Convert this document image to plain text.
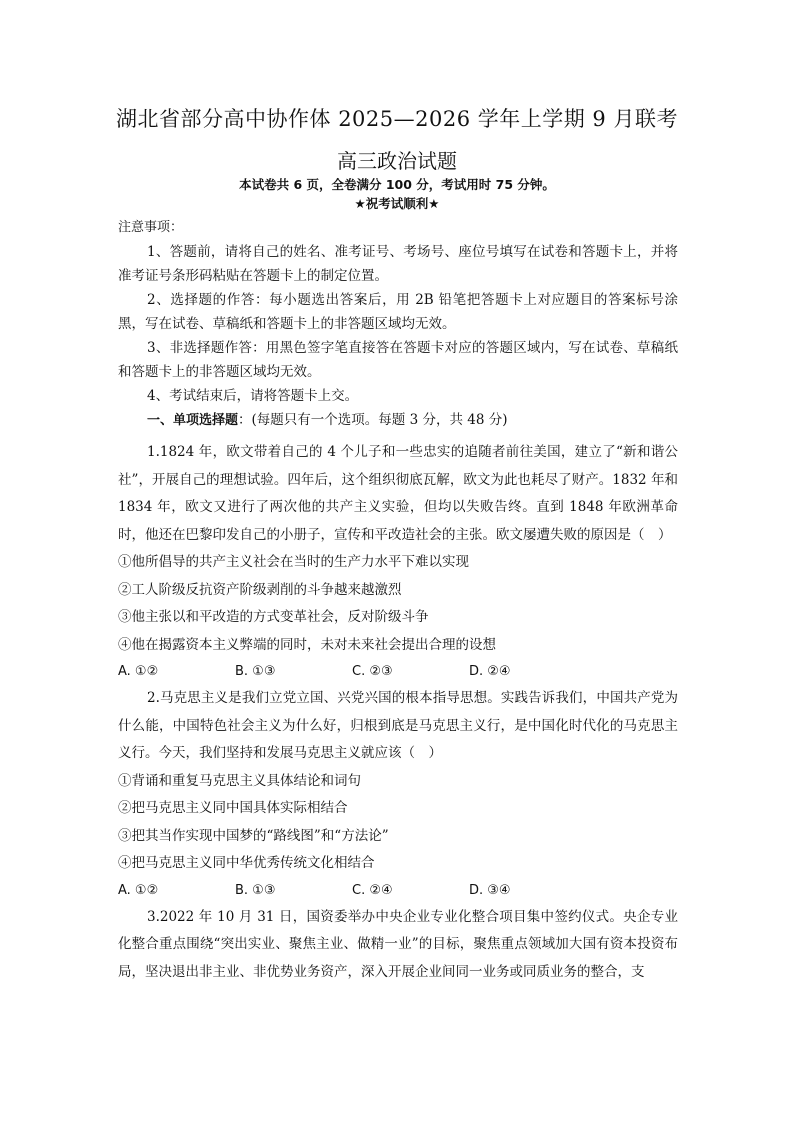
湖北省部分高中协作体 2025—2026 学年上学期 9 月联考
高三政治试题
本试卷共 6 页，全卷满分 100 分，考试用时 75 分钟。
★祝考试顺利★
注意事项：

1、答题前，请将自己的姓名、准考证号、考场号、座位号填写在试卷和答题卡上，并将准考证号条形码粘贴在答题卡上的制定位置。

2、选择题的作答：每小题选出答案后，用 2B 铅笔把答题卡上对应题目的答案标号涂黑，写在试卷、草稿纸和答题卡上的非答题区域均无效。

3、非选择题作答：用黑色签字笔直接答在答题卡对应的答题区域内，写在试卷、草稿纸和答题卡上的非答题区域均无效。

4、考试结束后，请将答题卡上交。

一、单项选择题：(每题只有一个选项。每题 3 分，共 48 分)

1.1824 年，欧文带着自己的 4 个儿子和一些忠实的追随者前往美国，建立了“新和谐公社”，开展自己的理想试验。四年后，这个组织彻底瓦解，欧文为此也耗尽了财产。1832 年和 1834 年，欧文又进行了两次他的共产主义实验，但均以失败告终。直到 1848 年欧洲革命时，他还在巴黎印发自己的小册子，宣传和平改造社会的主张。欧文屡遭失败的原因是（　）

①他所倡导的共产主义社会在当时的生产力水平下难以实现

②工人阶级反抗资产阶级剥削的斗争越来越激烈

③他主张以和平改造的方式变革社会，反对阶级斗争

④他在揭露资本主义弊端的同时，未对未来社会提出合理的设想

A. ①②	B. ①③	C. ②③	D. ②④

2.马克思主义是我们立党立国、兴党兴国的根本指导思想。实践告诉我们，中国共产党为什么能，中国特色社会主义为什么好，归根到底是马克思主义行，是中国化时代化的马克思主义行。今天，我们坚持和发展马克思主义就应该（　）

①背诵和重复马克思主义具体结论和词句

②把马克思主义同中国具体实际相结合

③把其当作实现中国梦的“路线图”和“方法论”

④把马克思主义同中华优秀传统文化相结合

A. ①②	B. ①③	C. ②④	D. ③④

3.2022 年 10 月 31 日，国资委举办中央企业专业化整合项目集中签约仪式。央企专业化整合重点围绕“突出实业、聚焦主业、做精一业”的目标，聚焦重点领域加大国有资本投资布局，坚决退出非主业、非优势业务资产，深入开展企业间同一业务或同质业务的整合，支
